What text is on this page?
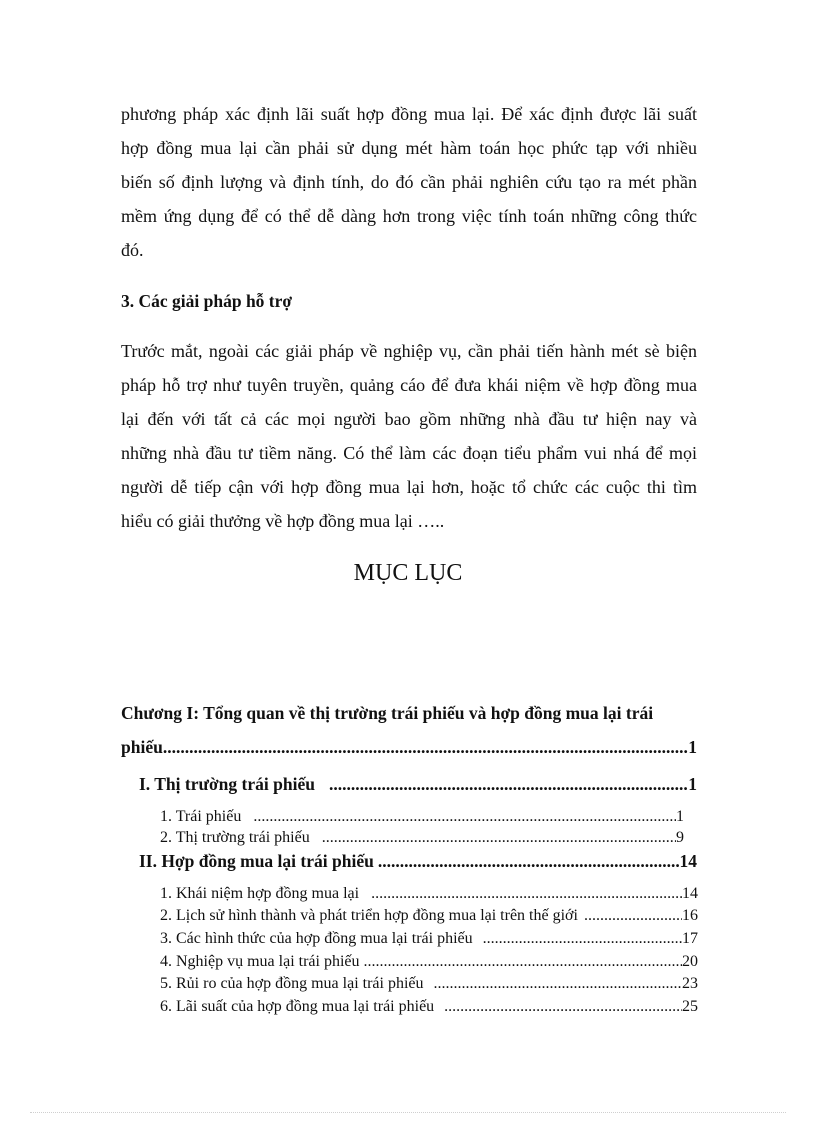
phương pháp xác định lãi suất hợp đồng mua lại. Để xác định được lãi suất
hợp đồng mua lại cần phải sử dụng mét hàm toán học phức tạp với nhiều
biến số định lượng và định tính, do đó cần phải nghiên cứu tạo ra mét phần
mềm ứng dụng để có thể dễ dàng hơn trong việc tính toán những công thức
đó.
3. Các giải pháp hỗ trợ
Trước mắt, ngoài các giải pháp về nghiệp vụ, cần phải tiến hành mét sè biện
pháp hỗ trợ như tuyên truyền, quảng cáo để đưa khái niệm về hợp đồng mua
lại đến với tất cả các mọi người bao gồm những nhà đầu tư hiện nay và
những nhà đầu tư tiềm năng. Có thể làm các đoạn tiểu phẩm vui nhá để mọi
người dễ tiếp cận với hợp đồng mua lại hơn, hoặc tổ chức các cuộc thi tìm
hiểu có giải thưởng về hợp đồng mua lại …..
MỤC LỤC
Chương I: Tổng quan về thị trường trái phiếu và hợp đồng mua lại trái
phiếu .....	1
I. Thị trường trái phiếu .....	1
1. Trái phiếu .....	1
2. Thị trường trái phiếu .....	9
II. Hợp đồng mua lại trái phiếu .....	14
1. Khái niệm hợp đồng mua lại .....	14
2. Lịch sử hình thành và phát triển hợp đồng mua lại trên thế giới .....	16
3. Các hình thức của hợp đồng mua lại trái phiếu .....	17
4. Nghiệp vụ mua lại trái phiếu .....	20
5. Rủi ro của hợp đồng mua lại trái phiếu .....	23
6. Lãi suất của hợp đồng mua lại trái phiếu .....	25
